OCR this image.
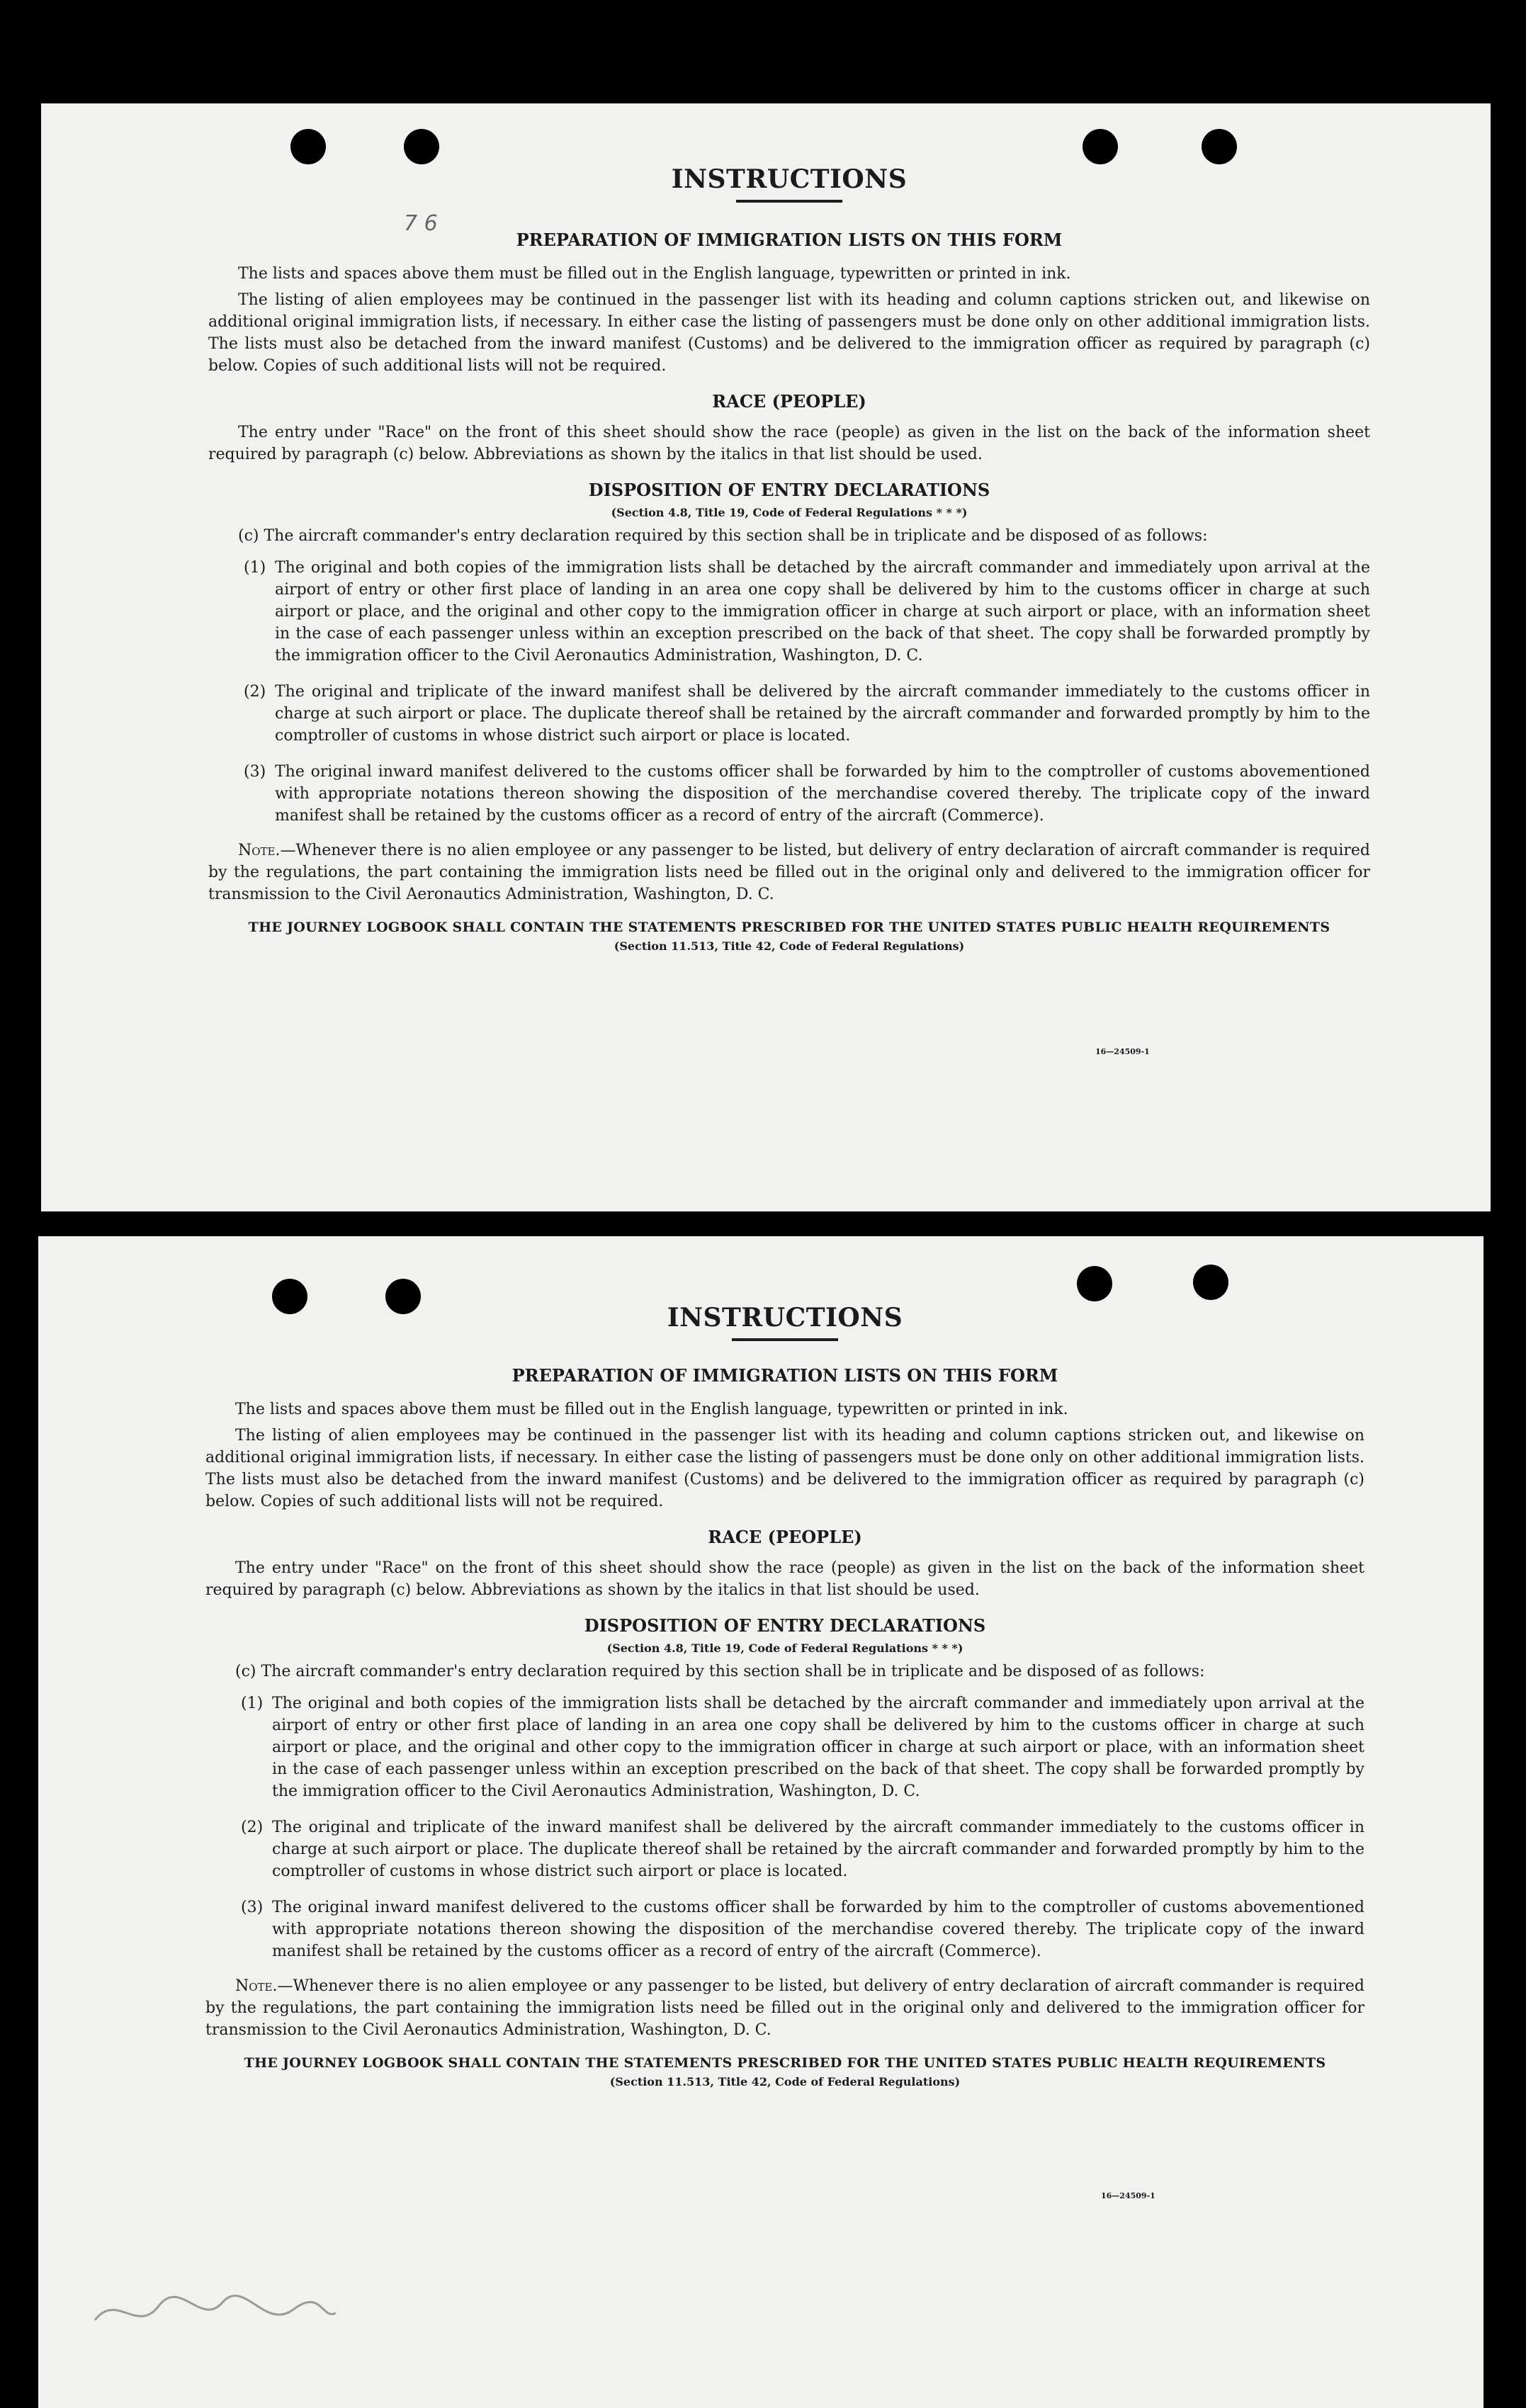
7 6
INSTRUCTIONS
PREPARATION OF IMMIGRATION LISTS ON THIS FORM

The lists and spaces above them must be filled out in the English language, typewritten or printed in ink.

The listing of alien employees may be continued in the passenger list with its heading and column captions stricken out, and likewise on additional original immigration lists, if necessary. In either case the listing of passengers must be done only on other additional immigration lists. The lists must also be detached from the inward manifest (Customs) and be delivered to the immigration officer as required by paragraph (c) below. Copies of such additional lists will not be required.

RACE (PEOPLE)

The entry under "Race" on the front of this sheet should show the race (people) as given in the list on the back of the information sheet required by paragraph (c) below. Abbreviations as shown by the italics in that list should be used.

DISPOSITION OF ENTRY DECLARATIONS
(Section 4.8, Title 19, Code of Federal Regulations * * *)

(c) The aircraft commander's entry declaration required by this section shall be in triplicate and be disposed of as follows:

(1) The original and both copies of the immigration lists shall be detached by the aircraft commander and immediately upon arrival at the airport of entry or other first place of landing in an area one copy shall be delivered by him to the customs officer in charge at such airport or place, and the original and other copy to the immigration officer in charge at such airport or place, with an information sheet in the case of each passenger unless within an exception prescribed on the back of that sheet. The copy shall be forwarded promptly by the immigration officer to the Civil Aeronautics Administration, Washington, D. C.
(2) The original and triplicate of the inward manifest shall be delivered by the aircraft commander immediately to the customs officer in charge at such airport or place. The duplicate thereof shall be retained by the aircraft commander and forwarded promptly by him to the comptroller of customs in whose district such airport or place is located.
(3) The original inward manifest delivered to the customs officer shall be forwarded by him to the comptroller of customs abovementioned with appropriate notations thereon showing the disposition of the merchandise covered thereby. The triplicate copy of the inward manifest shall be retained by the customs officer as a record of entry of the aircraft (Commerce).

Note.—Whenever there is no alien employee or any passenger to be listed, but delivery of entry declaration of aircraft commander is required by the regulations, the part containing the immigration lists need be filled out in the original only and delivered to the immigration officer for transmission to the Civil Aeronautics Administration, Washington, D. C.

THE JOURNEY LOGBOOK SHALL CONTAIN THE STATEMENTS PRESCRIBED FOR THE UNITED STATES PUBLIC HEALTH REQUIREMENTS
(Section 11.513, Title 42, Code of Federal Regulations)
16—24509-1
INSTRUCTIONS
PREPARATION OF IMMIGRATION LISTS ON THIS FORM

The lists and spaces above them must be filled out in the English language, typewritten or printed in ink.

The listing of alien employees may be continued in the passenger list with its heading and column captions stricken out, and likewise on additional original immigration lists, if necessary. In either case the listing of passengers must be done only on other additional immigration lists. The lists must also be detached from the inward manifest (Customs) and be delivered to the immigration officer as required by paragraph (c) below. Copies of such additional lists will not be required.

RACE (PEOPLE)

The entry under "Race" on the front of this sheet should show the race (people) as given in the list on the back of the information sheet required by paragraph (c) below. Abbreviations as shown by the italics in that list should be used.

DISPOSITION OF ENTRY DECLARATIONS
(Section 4.8, Title 19, Code of Federal Regulations * * *)

(c) The aircraft commander's entry declaration required by this section shall be in triplicate and be disposed of as follows:

(1) The original and both copies of the immigration lists shall be detached by the aircraft commander and immediately upon arrival at the airport of entry or other first place of landing in an area one copy shall be delivered by him to the customs officer in charge at such airport or place, and the original and other copy to the immigration officer in charge at such airport or place, with an information sheet in the case of each passenger unless within an exception prescribed on the back of that sheet. The copy shall be forwarded promptly by the immigration officer to the Civil Aeronautics Administration, Washington, D. C.
(2) The original and triplicate of the inward manifest shall be delivered by the aircraft commander immediately to the customs officer in charge at such airport or place. The duplicate thereof shall be retained by the aircraft commander and forwarded promptly by him to the comptroller of customs in whose district such airport or place is located.
(3) The original inward manifest delivered to the customs officer shall be forwarded by him to the comptroller of customs abovementioned with appropriate notations thereon showing the disposition of the merchandise covered thereby. The triplicate copy of the inward manifest shall be retained by the customs officer as a record of entry of the aircraft (Commerce).

Note.—Whenever there is no alien employee or any passenger to be listed, but delivery of entry declaration of aircraft commander is required by the regulations, the part containing the immigration lists need be filled out in the original only and delivered to the immigration officer for transmission to the Civil Aeronautics Administration, Washington, D. C.

THE JOURNEY LOGBOOK SHALL CONTAIN THE STATEMENTS PRESCRIBED FOR THE UNITED STATES PUBLIC HEALTH REQUIREMENTS
(Section 11.513, Title 42, Code of Federal Regulations)
16—24509-1
